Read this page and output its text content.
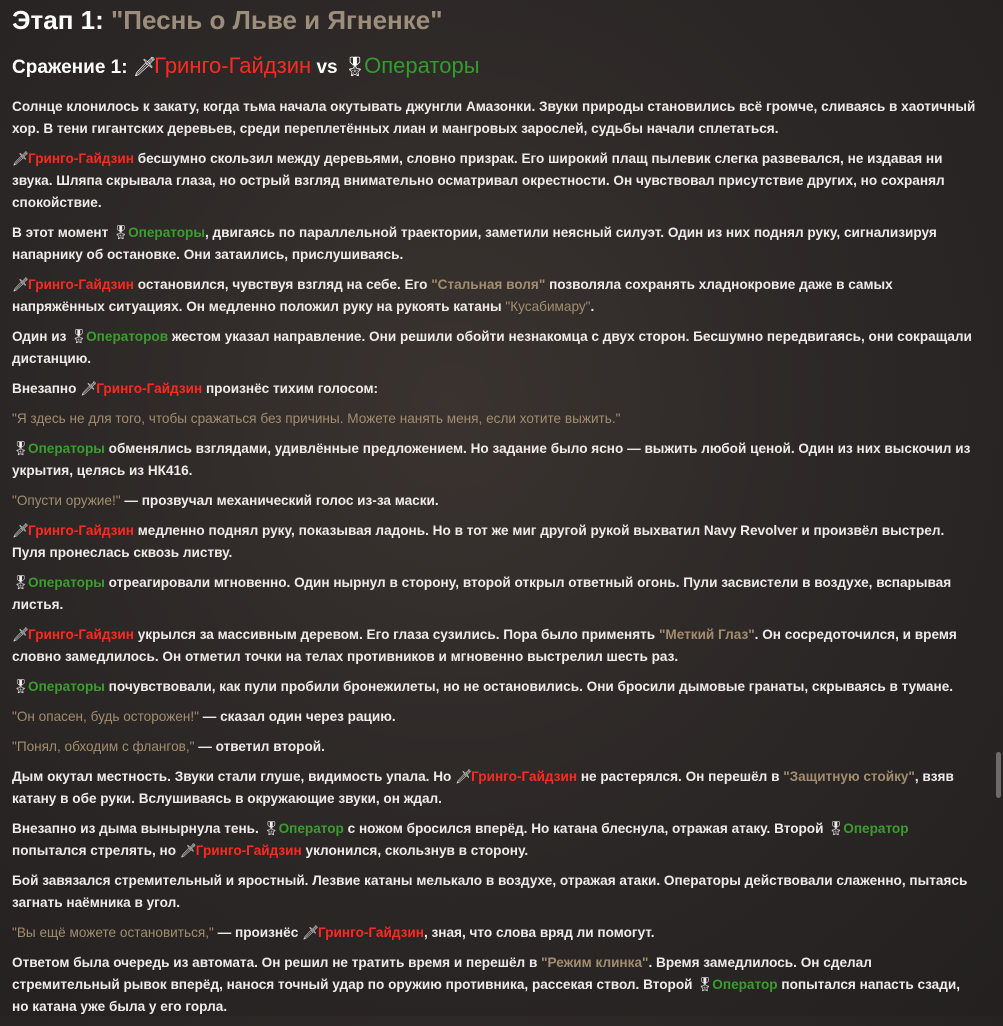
Этап 1: "Песнь о Льве и Ягненке"
Сражение 1: 🗡 Гринго-Гайдзин vs 🎖 Операторы

Солнце клонилось к закату, когда тьма начала окутывать джунгли Амазонки. Звуки природы становились всё громче, сливаясь в хаотичный хор. В тени гигантских деревьев, среди переплетённых лиан и мангровых зарослей, судьбы начали сплетаться.

🗡Гринго-Гайдзин бесшумно скользил между деревьями, словно призрак. Его широкий плащ пылевик слегка развевался, не издавая ни звука. Шляпа скрывала глаза, но острый взгляд внимательно осматривал окрестности. Он чувствовал присутствие других, но сохранял спокойствие.

В этот момент 🎖Операторы, двигаясь по параллельной траектории, заметили неясный силуэт. Один из них поднял руку, сигнализируя напарнику об остановке. Они затаились, прислушиваясь.

🗡Гринго-Гайдзин остановился, чувствуя взгляд на себе. Его "Стальная воля" позволяла сохранять хладнокровие даже в самых напряжённых ситуациях. Он медленно положил руку на рукоять катаны "Кусабимару".

Один из 🎖Операторов жестом указал направление. Они решили обойти незнакомца с двух сторон. Бесшумно передвигаясь, они сокращали дистанцию.

Внезапно 🗡Гринго-Гайдзин произнёс тихим голосом:

"Я здесь не для того, чтобы сражаться без причины. Можете нанять меня, если хотите выжить."

🎖Операторы обменялись взглядами, удивлённые предложением. Но задание было ясно — выжить любой ценой. Один из них выскочил из укрытия, целясь из НК416.

"Опусти оружие!" — прозвучал механический голос из-за маски.

🗡Гринго-Гайдзин медленно поднял руку, показывая ладонь. Но в тот же миг другой рукой выхватил Navy Revolver и произвёл выстрел. Пуля пронеслась сквозь листву.

🎖Операторы отреагировали мгновенно. Один нырнул в сторону, второй открыл ответный огонь. Пули засвистели в воздухе, вспарывая листья.

🗡Гринго-Гайдзин укрылся за массивным деревом. Его глаза сузились. Пора было применять "Меткий Глаз". Он сосредоточился, и время словно замедлилось. Он отметил точки на телах противников и мгновенно выстрелил шесть раз.

🎖Операторы почувствовали, как пули пробили бронежилеты, но не остановились. Они бросили дымовые гранаты, скрываясь в тумане.

"Он опасен, будь осторожен!" — сказал один через рацию.

"Понял, обходим с флангов," — ответил второй.

Дым окутал местность. Звуки стали глуше, видимость упала. Но 🗡Гринго-Гайдзин не растерялся. Он перешёл в "Защитную стойку", взяв катану в обе руки. Вслушиваясь в окружающие звуки, он ждал.

Внезапно из дыма вынырнула тень. 🎖Оператор с ножом бросился вперёд. Но катана блеснула, отражая атаку. Второй 🎖Оператор попытался стрелять, но 🗡Гринго-Гайдзин уклонился, скользнув в сторону.

Бой завязался стремительный и яростный. Лезвие катаны мелькало в воздухе, отражая атаки. Операторы действовали слаженно, пытаясь загнать наёмника в угол.

"Вы ещё можете остановиться," — произнёс 🗡Гринго-Гайдзин, зная, что слова вряд ли помогут.

Ответом была очередь из автомата. Он решил не тратить время и перешёл в "Режим клинка". Время замедлилось. Он сделал стремительный рывок вперёд, нанося точный удар по оружию противника, рассекая ствол. Второй 🎖Оператор попытался напасть сзади, но катана уже была у его горла.
